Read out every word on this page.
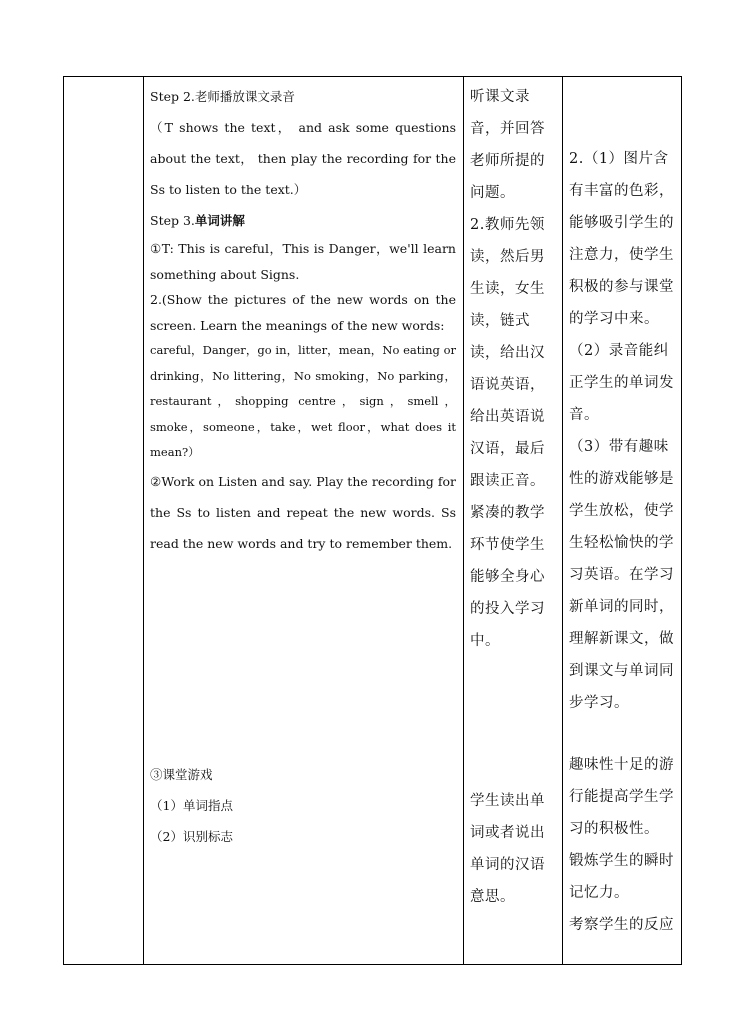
Step 2.老师播放课文录音
（T shows the text， and ask some questions about the text， then play the recording for the Ss to listen to the text.）
Step 3.单词讲解
①T: This is careful，This is Danger，we'll learn something about Signs.
2.(Show the pictures of the new words on the screen. Learn the meanings of the new words:
careful，Danger，go in，litter，mean，No eating or drinking，No littering，No smoking，No parking，restaurant，shopping centre，sign，smell，smoke，someone，take，wet floor，what does it mean?）
②Work on Listen and say. Play the recording for the Ss to listen and repeat the new words. Ss read the new words and try to remember them.
③课堂游戏
（1）单词指点
（2）识别标志
听课文录音，并回答老师所提的问题。
2.教师先领读，然后男生读，女生读，链式读，给出汉语说英语，给出英语说汉语，最后跟读正音。紧凑的教学环节使学生能够全身心的投入学习中。
学生读出单词或者说出单词的汉语意思。
2.（1）图片含有丰富的色彩，能够吸引学生的注意力，使学生积极的参与课堂的学习中来。
（2）录音能纠正学生的单词发音。
（3）带有趣味性的游戏能够是学生放松，使学生轻松愉快的学习英语。在学习新单词的同时，理解新课文，做到课文与单词同步学习。
趣味性十足的游行能提高学生学习的积极性。
锻炼学生的瞬时记忆力。
考察学生的反应
